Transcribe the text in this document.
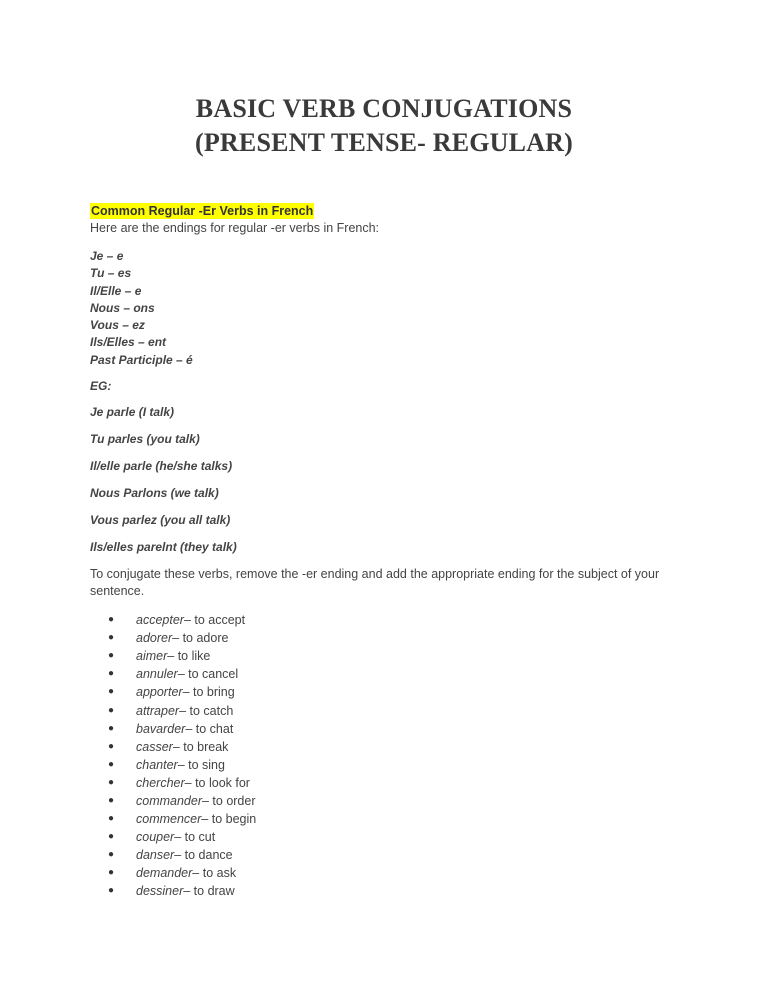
BASIC VERB CONJUGATIONS
(PRESENT TENSE- REGULAR)
Common Regular -Er Verbs in French
Here are the endings for regular -er verbs in French:
Je – e
Tu – es
Il/Elle – e
Nous – ons
Vous – ez
Ils/Elles – ent
Past Participle – é
EG:
Je parle (I talk)
Tu parles (you talk)
Il/elle parle (he/she talks)
Nous Parlons (we talk)
Vous parlez (you all talk)
Ils/elles parelnt (they talk)
To conjugate these verbs, remove the -er ending and add the appropriate ending for the subject of your sentence.
●	accepter – to accept
●	adorer – to adore
●	aimer – to like
●	annuler – to cancel
●	apporter – to bring
●	attraper – to catch
●	bavarder – to chat
●	casser – to break
●	chanter – to sing
●	chercher – to look for
●	commander – to order
●	commencer – to begin
●	couper – to cut
●	danser – to dance
●	demander – to ask
●	dessiner – to draw
